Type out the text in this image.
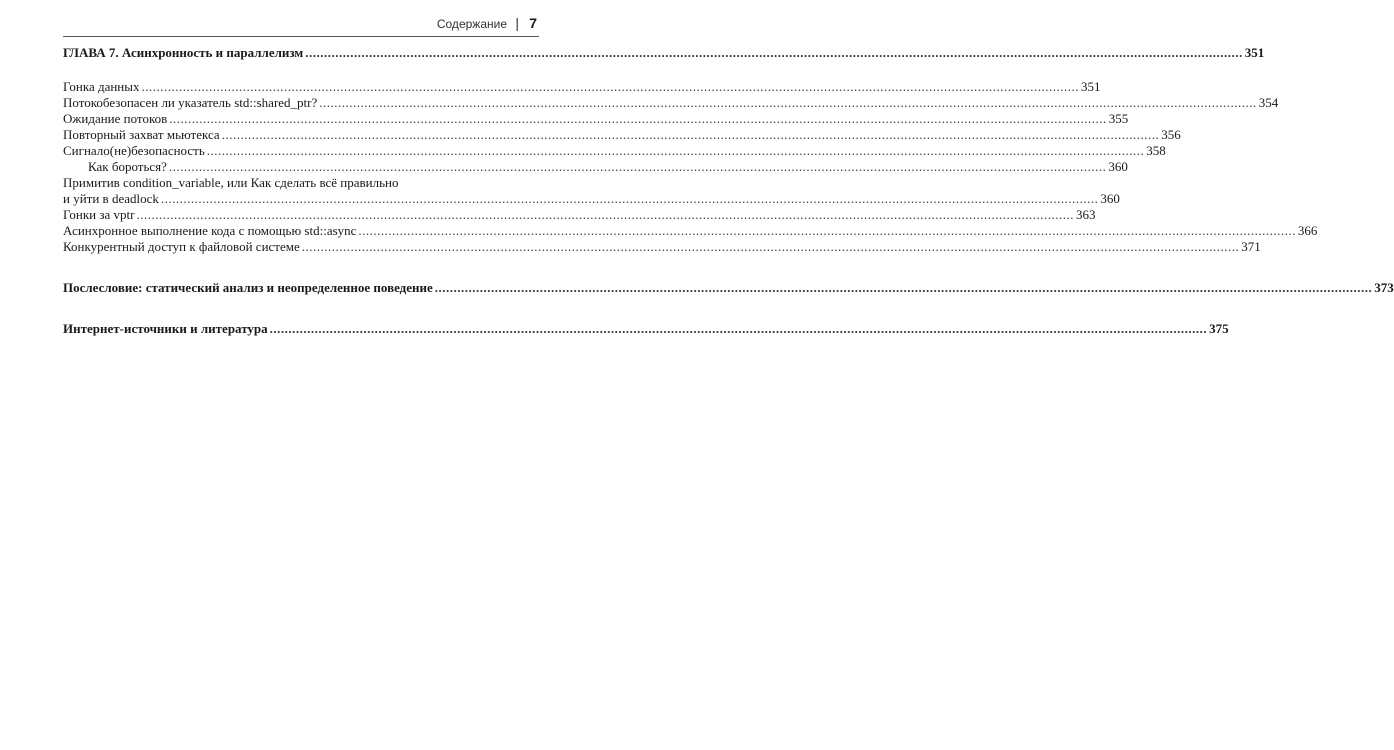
Содержание | 7
ГЛАВА 7. Асинхронность и параллелизм .......................................................................................................................................................................................................................................................... 351
Гонка данных .......................................................................................................................................................................................................................................................... 351
Потокобезопасен ли указатель std::shared_ptr? .......................................................................................................................................................................................................................................................... 354
Ожидание потоков .......................................................................................................................................................................................................................................................... 355
Повторный захват мьютекса .......................................................................................................................................................................................................................................................... 356
Сигнало(не)безопасность .......................................................................................................................................................................................................................................................... 358
Как бороться? .......................................................................................................................................................................................................................................................... 360
Примитив condition_variable, или Как сделать всё правильно
и уйти в deadlock .......................................................................................................................................................................................................................................................... 360
Гонки за vptr .......................................................................................................................................................................................................................................................... 363
Асинхронное выполнение кода с помощью std::async .......................................................................................................................................................................................................................................................... 366
Конкурентный доступ к файловой системе .......................................................................................................................................................................................................................................................... 371
Послесловие: статический анализ и неопределенное поведение .......................................................................................................................................................................................................................................................... 373
Интернет-источники и литература .......................................................................................................................................................................................................................................................... 375
